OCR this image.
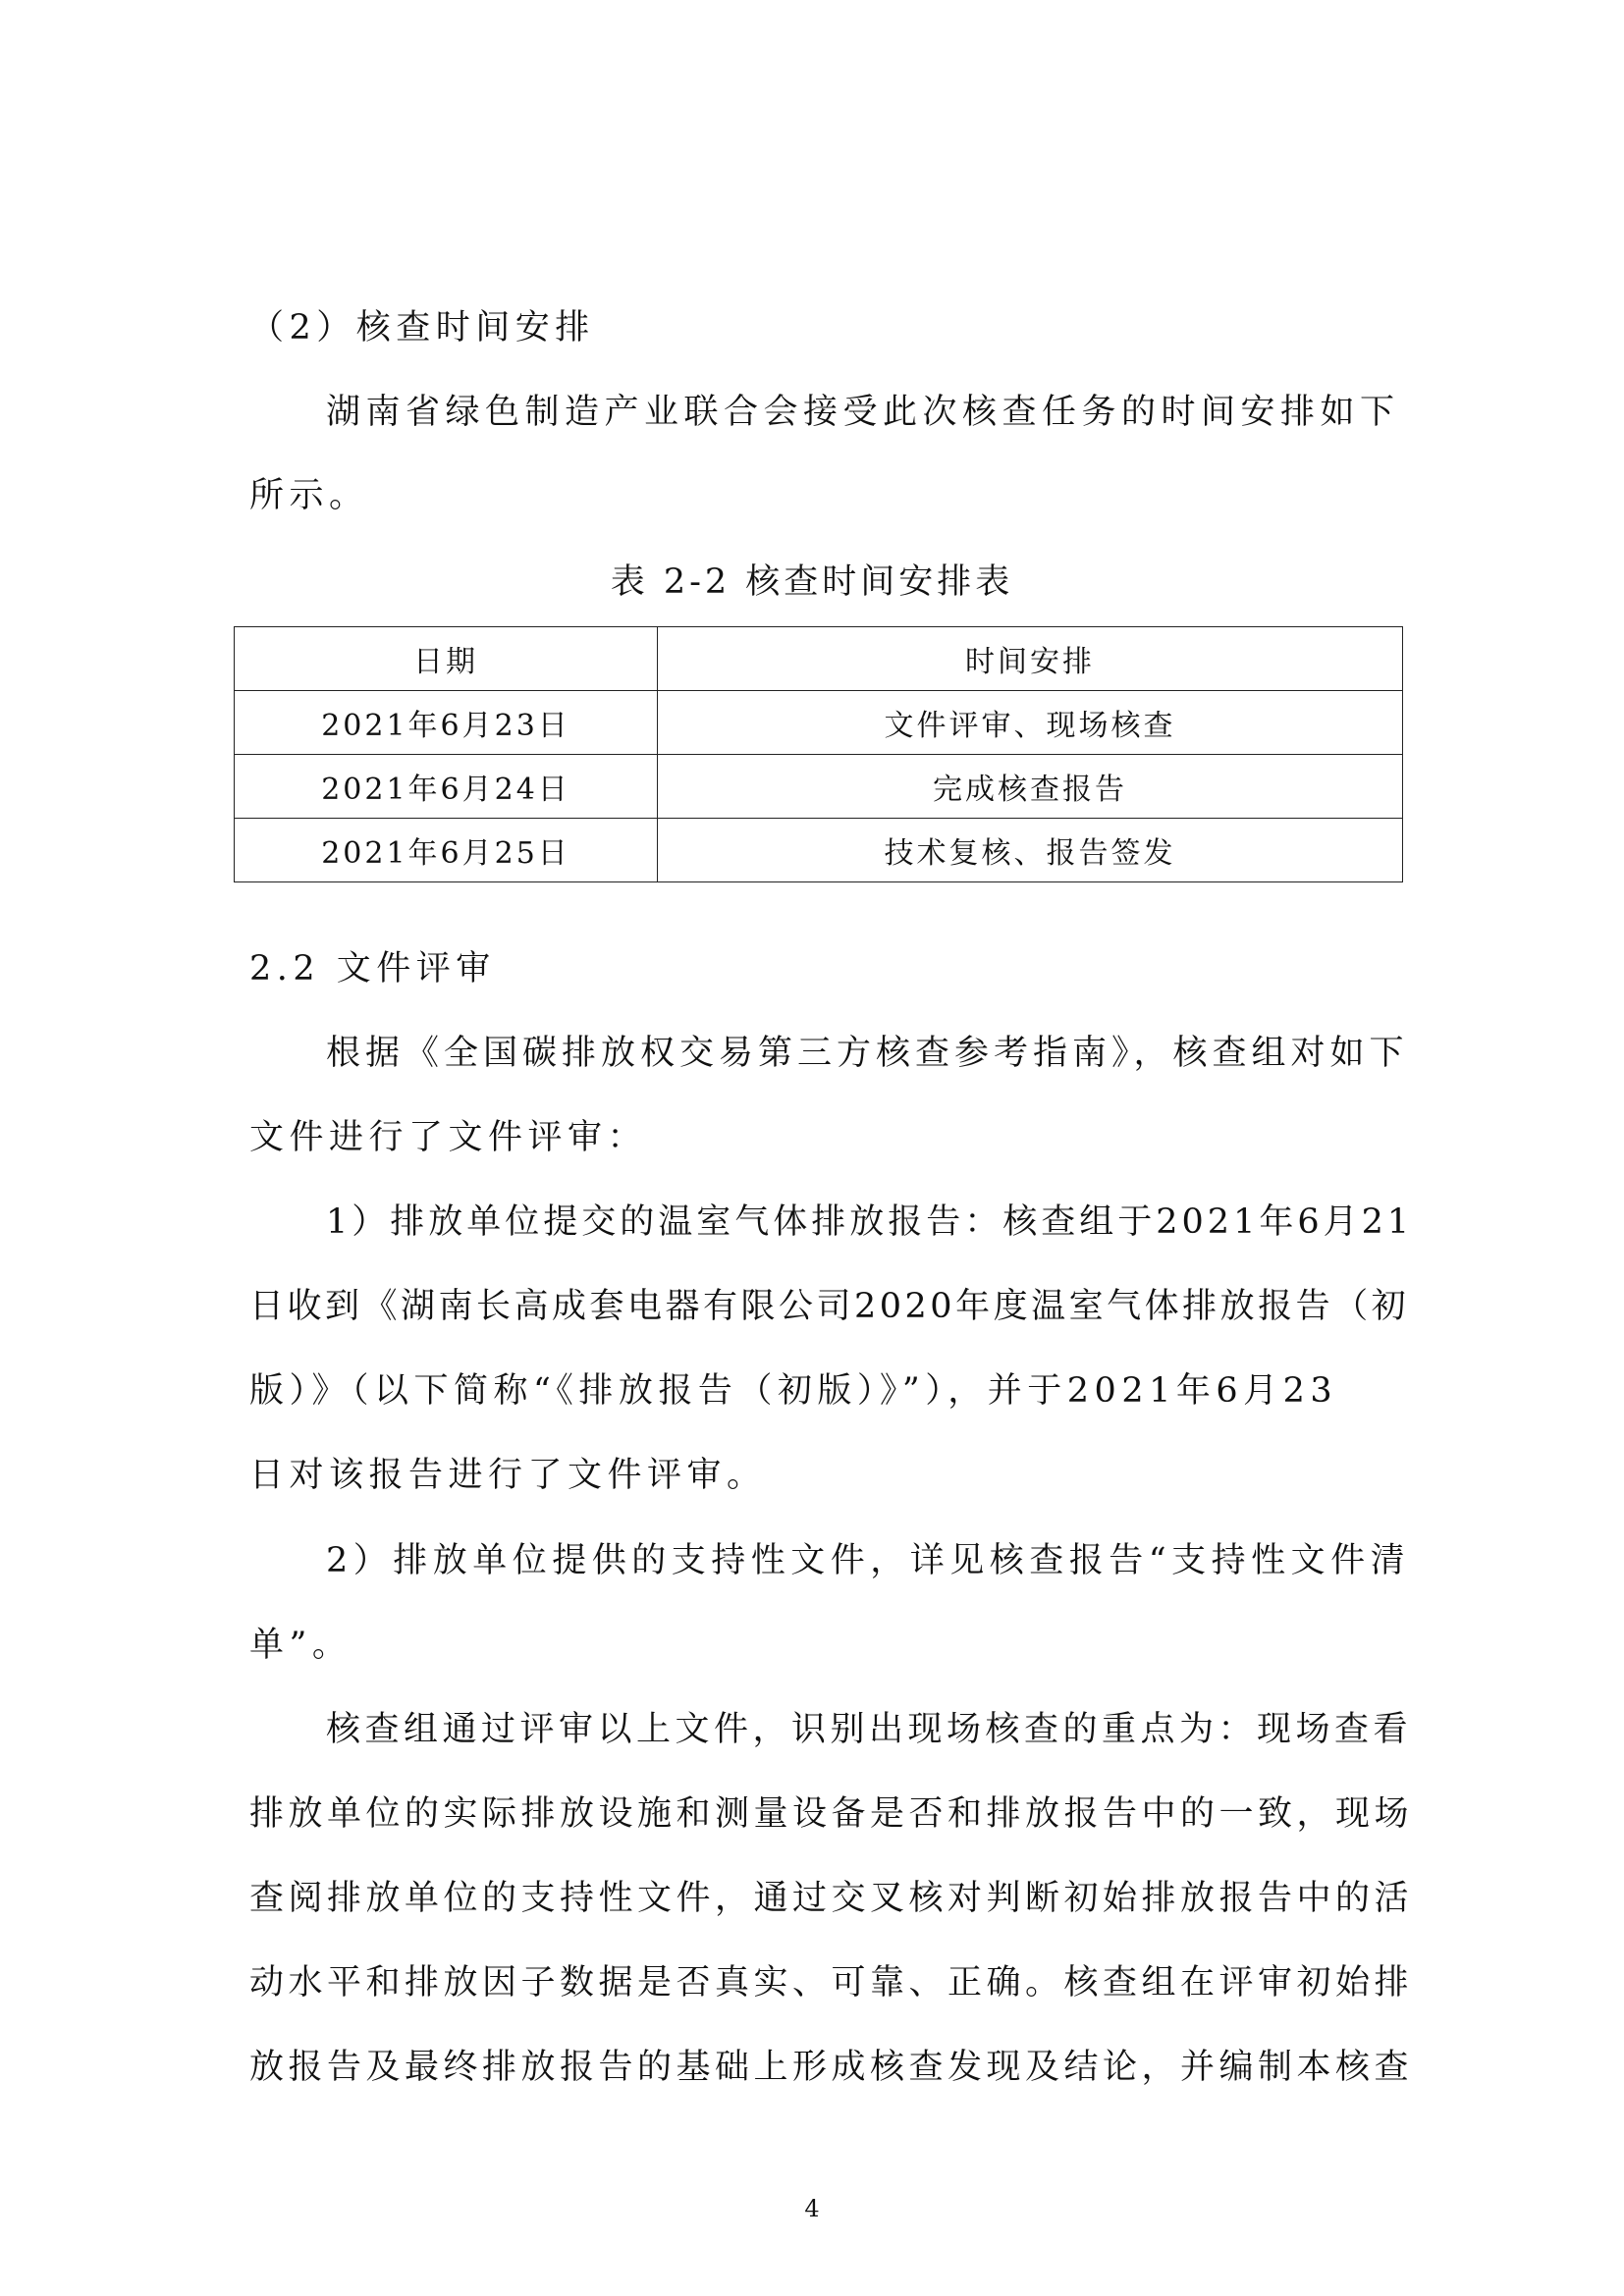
（2）核查时间安排
湖南省绿色制造产业联合会接受此次核查任务的时间安排如下
所示。
表 2-2 核查时间安排表
日期	时间安排
2021年6月23日	文件评审、现场核查
2021年6月24日	完成核查报告
2021年6月25日	技术复核、报告签发
2.2 文件评审
根据《全国碳排放权交易第三方核查参考指南》，核查组对如下
文件进行了文件评审：
1）排放单位提交的温室气体排放报告：核查组于2021年6月21
日收到《湖南长高成套电器有限公司2020年度温室气体排放报告（初
版）》（以下简称“《排放报告（初版）》”），并于2021年6月23
日对该报告进行了文件评审。
2）排放单位提供的支持性文件，详见核查报告“支持性文件清
单”。
核查组通过评审以上文件，识别出现场核查的重点为：现场查看
排放单位的实际排放设施和测量设备是否和排放报告中的一致，现场
查阅排放单位的支持性文件，通过交叉核对判断初始排放报告中的活
动水平和排放因子数据是否真实、可靠、正确。核查组在评审初始排
放报告及最终排放报告的基础上形成核查发现及结论，并编制本核查
4
